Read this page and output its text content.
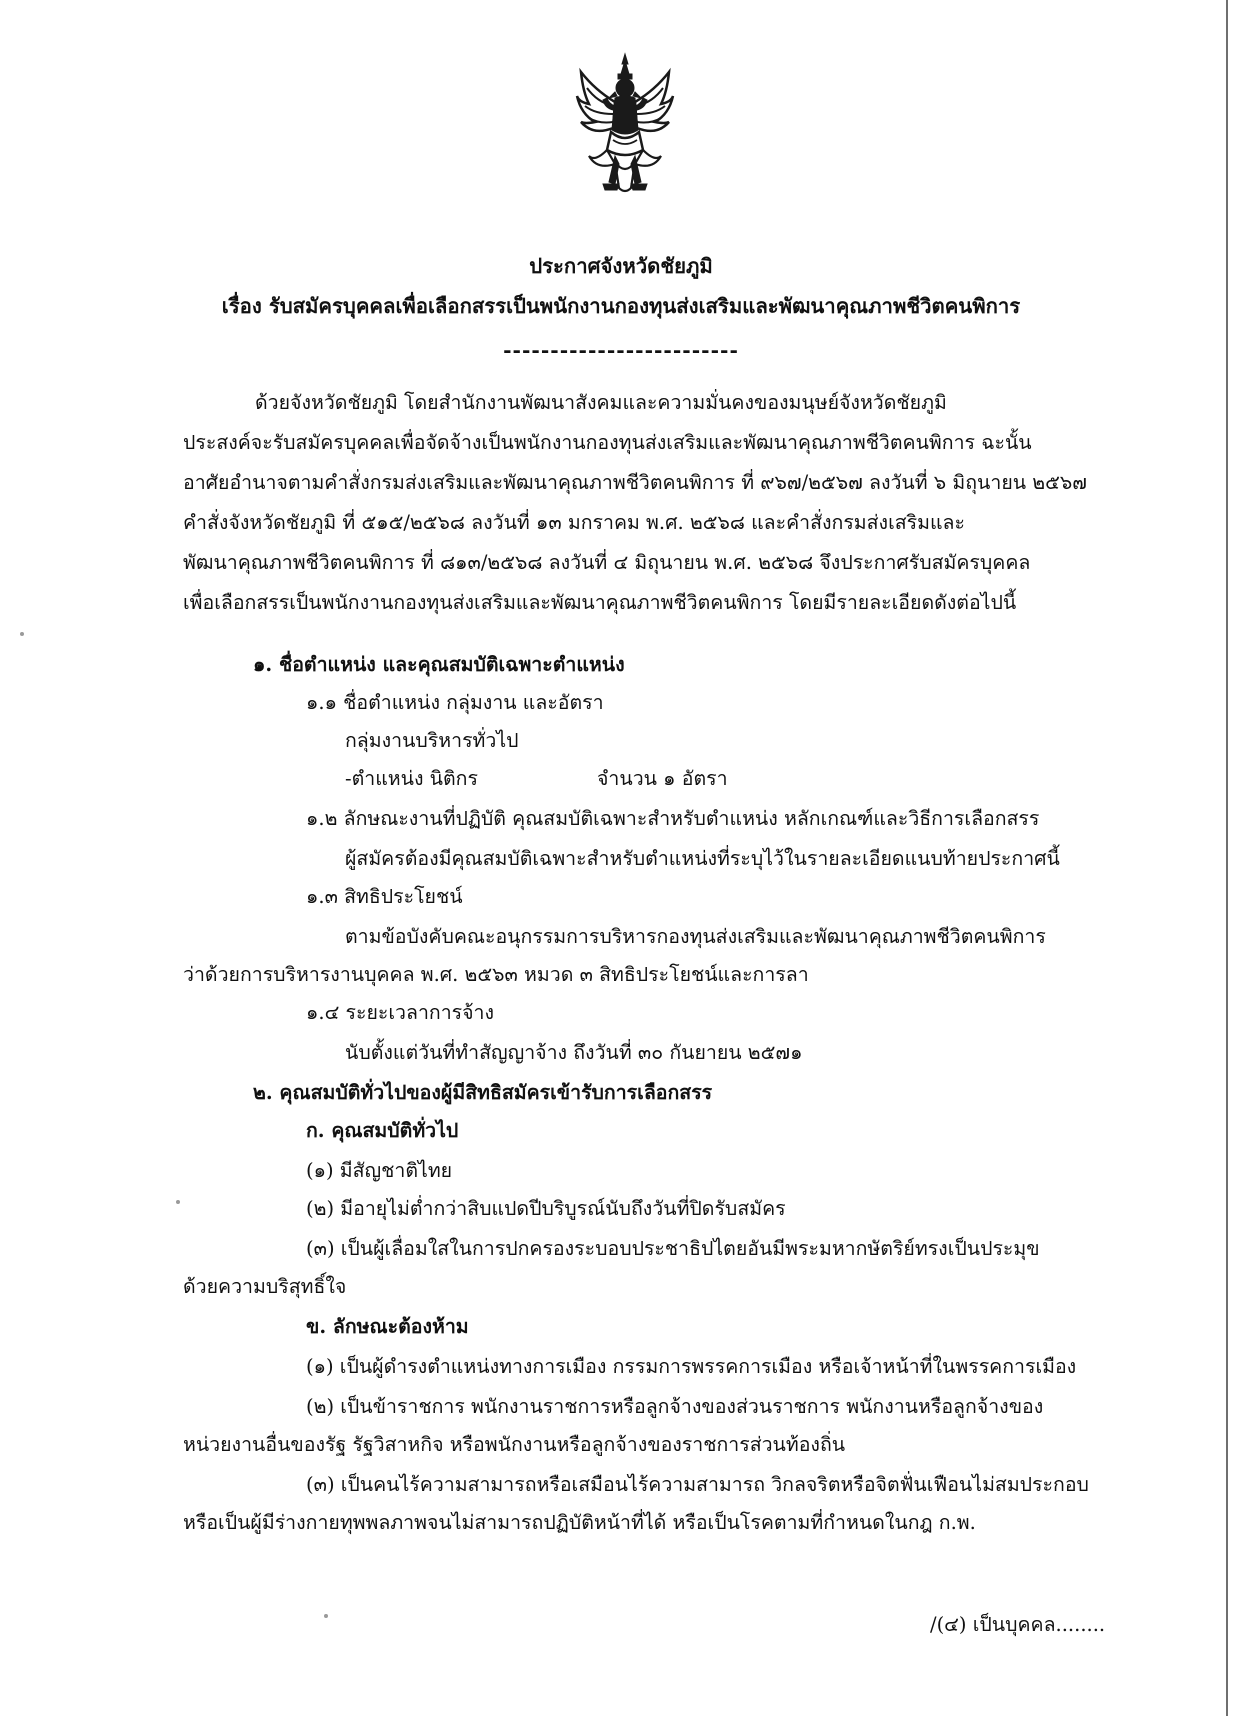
ประกาศจังหวัดชัยภูมิ
เรื่อง รับสมัครบุคคลเพื่อเลือกสรรเป็นพนักงานกองทุนส่งเสริมและพัฒนาคุณภาพชีวิตคนพิการ
-------------------------
ด้วยจังหวัดชัยภูมิ โดยสำนักงานพัฒนาสังคมและความมั่นคงของมนุษย์จังหวัดชัยภูมิ
ประสงค์จะรับสมัครบุคคลเพื่อจัดจ้างเป็นพนักงานกองทุนส่งเสริมและพัฒนาคุณภาพชีวิตคนพิการ ฉะนั้น
อาศัยอำนาจตามคำสั่งกรมส่งเสริมและพัฒนาคุณภาพชีวิตคนพิการ ที่ ๙๖๗/๒๕๖๗ ลงวันที่ ๖ มิถุนายน ๒๕๖๗
คำสั่งจังหวัดชัยภูมิ ที่ ๕๑๕/๒๕๖๘ ลงวันที่ ๑๓ มกราคม พ.ศ. ๒๕๖๘ และคำสั่งกรมส่งเสริมและ
พัฒนาคุณภาพชีวิตคนพิการ ที่ ๘๑๓/๒๕๖๘ ลงวันที่ ๔ มิถุนายน พ.ศ. ๒๕๖๘ จึงประกาศรับสมัครบุคคล
เพื่อเลือกสรรเป็นพนักงานกองทุนส่งเสริมและพัฒนาคุณภาพชีวิตคนพิการ โดยมีรายละเอียดดังต่อไปนี้
๑. ชื่อตำแหน่ง และคุณสมบัติเฉพาะตำแหน่ง
๑.๑ ชื่อตำแหน่ง กลุ่มงาน และอัตรา
กลุ่มงานบริหารทั่วไป
-ตำแหน่ง นิติกร	จำนวน ๑ อัตรา
๑.๒ ลักษณะงานที่ปฏิบัติ คุณสมบัติเฉพาะสำหรับตำแหน่ง หลักเกณฑ์และวิธีการเลือกสรร
ผู้สมัครต้องมีคุณสมบัติเฉพาะสำหรับตำแหน่งที่ระบุไว้ในรายละเอียดแนบท้ายประกาศนี้
๑.๓ สิทธิประโยชน์
ตามข้อบังคับคณะอนุกรรมการบริหารกองทุนส่งเสริมและพัฒนาคุณภาพชีวิตคนพิการ
ว่าด้วยการบริหารงานบุคคล พ.ศ. ๒๕๖๓ หมวด ๓ สิทธิประโยชน์และการลา
๑.๔ ระยะเวลาการจ้าง
นับตั้งแต่วันที่ทำสัญญาจ้าง ถึงวันที่ ๓๐ กันยายน ๒๕๗๑
๒. คุณสมบัติทั่วไปของผู้มีสิทธิสมัครเข้ารับการเลือกสรร
ก. คุณสมบัติทั่วไป
(๑) มีสัญชาติไทย
(๒) มีอายุไม่ต่ำกว่าสิบแปดปีบริบูรณ์นับถึงวันที่ปิดรับสมัคร
(๓) เป็นผู้เลื่อมใสในการปกครองระบอบประชาธิปไตยอันมีพระมหากษัตริย์ทรงเป็นประมุข
ด้วยความบริสุทธิ์ใจ
ข. ลักษณะต้องห้าม
(๑) เป็นผู้ดำรงตำแหน่งทางการเมือง กรรมการพรรคการเมือง หรือเจ้าหน้าที่ในพรรคการเมือง
(๒) เป็นข้าราชการ พนักงานราชการหรือลูกจ้างของส่วนราชการ พนักงานหรือลูกจ้างของ
หน่วยงานอื่นของรัฐ รัฐวิสาหกิจ หรือพนักงานหรือลูกจ้างของราชการส่วนท้องถิ่น
(๓) เป็นคนไร้ความสามารถหรือเสมือนไร้ความสามารถ วิกลจริตหรือจิตฟั่นเฟือนไม่สมประกอบ
หรือเป็นผู้มีร่างกายทุพพลภาพจนไม่สามารถปฏิบัติหน้าที่ได้ หรือเป็นโรคตามที่กำหนดในกฎ ก.พ.
/(๔) เป็นบุคคล........
